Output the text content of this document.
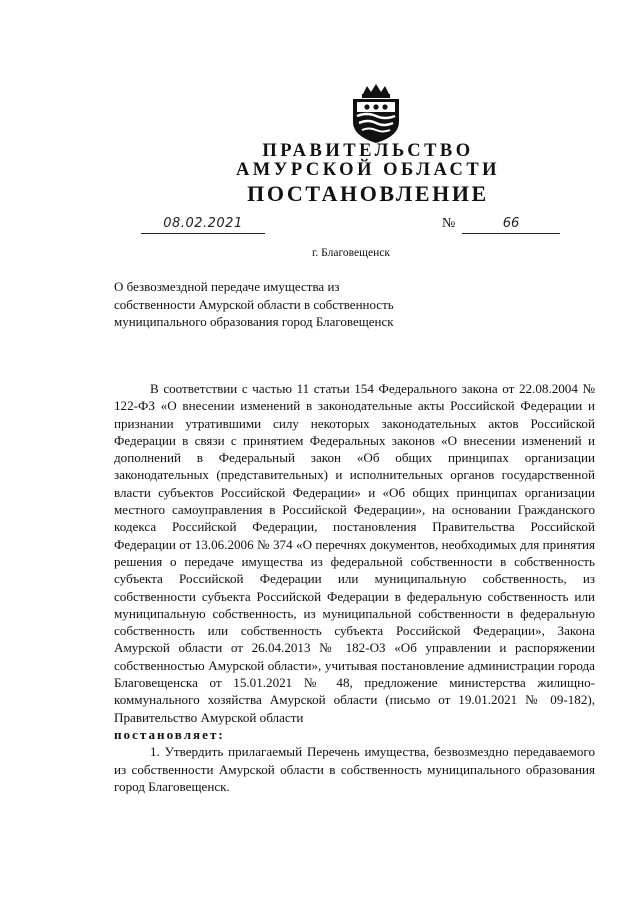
ПРАВИТЕЛЬСТВО
АМУРСКОЙ ОБЛАСТИ
ПОСТАНОВЛЕНИЕ
08.02.2021	№	66
г. Благовещенск
О безвозмездной передаче имущества из собственности Амурской области в собственность муниципального образования город Благовещенск

В соответствии с частью 11 статьи 154 Федерального закона от 22.08.2004 № 122-ФЗ «О внесении изменений в законодательные акты Российской Федерации и признании утратившими силу некоторых законодательных актов Российской Федерации в связи с принятием Федеральных законов «О внесении изменений и дополнений в Федеральный закон «Об общих принципах организации законодательных (представительных) и исполнительных органов государственной власти субъектов Российской Федерации» и «Об общих принципах организации местного самоуправления в Российской Федерации», на основании Гражданского кодекса Российской Федерации, постановления Правительства Российской Федерации от 13.06.2006 № 374 «О перечнях документов, необходимых для принятия решения о передаче имущества из федеральной собственности в собственность субъекта Российской Федерации или муниципальную собственность, из собственности субъекта Российской Федерации в федеральную собственность или муниципальную собственность, из муниципальной собственности в федеральную собственность или собственность субъекта Российской Федерации», Закона Амурской области от 26.04.2013 № 182-ОЗ «Об управлении и распоряжении собственностью Амурской области», учитывая постановление администрации города Благовещенска от 15.01.2021 № 48, предложение министерства жилищно-коммунального хозяйства Амурской области (письмо от 19.01.2021 № 09-182), Правительство Амурской области

постановляет:

1. Утвердить прилагаемый Перечень имущества, безвозмездно передаваемого из собственности Амурской области в собственность муниципального образования город Благовещенск.
